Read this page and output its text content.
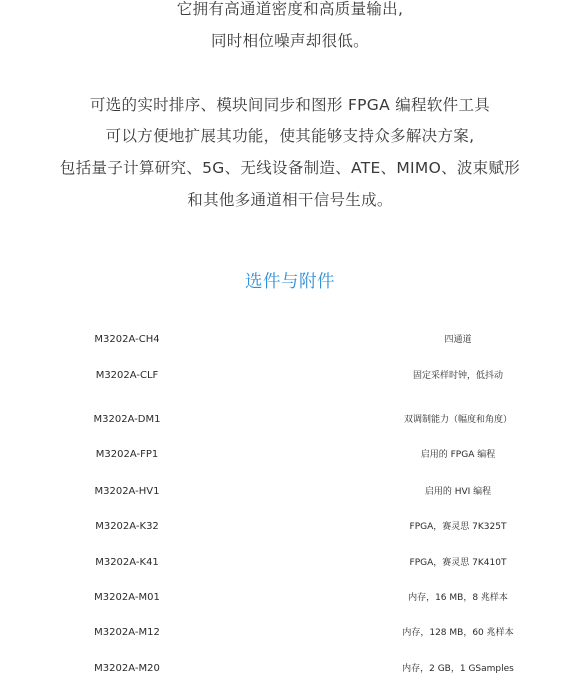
它拥有高通道密度和高质量输出,
同时相位噪声却很低。
可选的实时排序、模块间同步和图形 FPGA 编程软件工具
可以方便地扩展其功能，使其能够支持众多解决方案,
包括量子计算研究、5G、无线设备制造、ATE、MIMO、波束赋形
和其他多通道相干信号生成。
选件与附件
M3202A-CH4	四通道
M3202A-CLF	固定采样时钟，低抖动
M3202A-DM1	双调制能力（幅度和角度）
M3202A-FP1	启用的 FPGA 编程
M3202A-HV1	启用的 HVI 编程
M3202A-K32	FPGA，赛灵思 7K325T
M3202A-K41	FPGA，赛灵思 7K410T
M3202A-M01	内存，16 MB，8 兆样本
M3202A-M12	内存，128 MB，60 兆样本
M3202A-M20	内存，2 GB，1 GSamples
